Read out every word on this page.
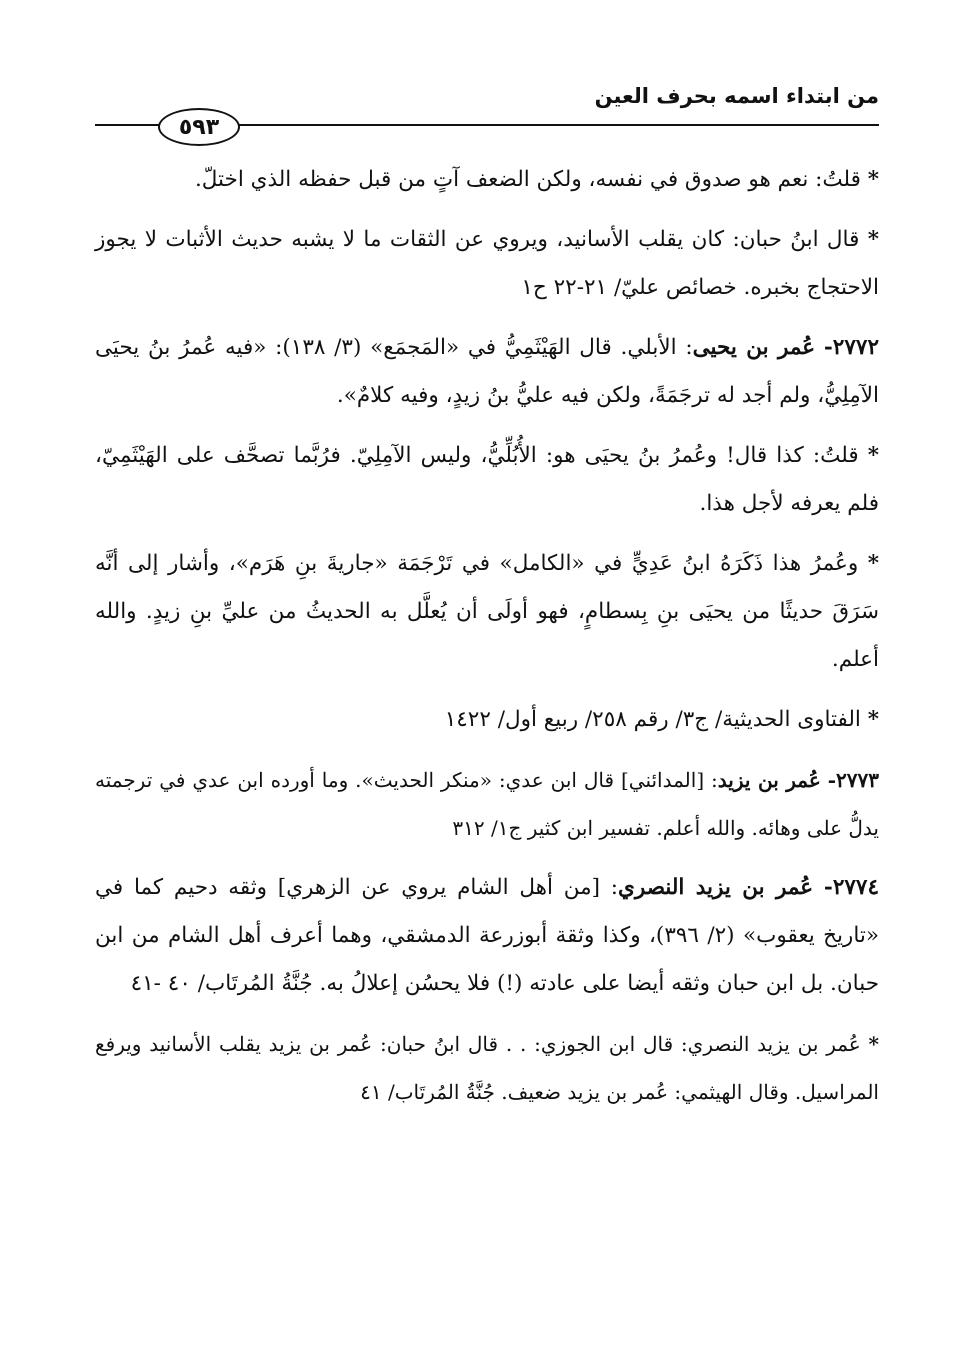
من ابتداء اسمه بحرف العين
٥٩٣

* قلتُ: نعم هو صدوق في نفسه، ولكن الضعف آتٍ من قبل حفظه الذي اختلّ.

* قال ابنُ حبان: كان يقلب الأسانيد، ويروي عن الثقات ما لا يشبه حديث الأثبات لا يجوز الاحتجاج بخبره. خصائص عليّ/ ٢١-٢٢ ح١

٢٧٧٢- عُمر بن يحيى: الأبلي. قال الهَيْثَمِيُّ في «المَجمَع» (٣/ ١٣٨): «فيه عُمرُ بنُ يحيَى الآمِلِيُّ، ولم أجد له ترجَمَةً، ولكن فيه عليُّ بنُ زيدٍ، وفيه كلامٌ».

* قلتُ: كذا قال! وعُمرُ بنُ يحيَى هو: الأُبُلِّيُّ، وليس الآمِلِيّ. فرُبَّما تصحَّف على الهَيْثَمِيّ، فلم يعرفه لأجل هذا.

* وعُمرُ هذا ذَكَرَهُ ابنُ عَدِيٍّ في «الكامل» في تَرْجَمَة «جاريةَ بنِ هَرَم»، وأشار إلى أنَّه سَرَقَ حديثًا من يحيَى بنِ بِسطامٍ، فهو أولَى أن يُعلَّل به الحديثُ من عليِّ بنِ زيدٍ. والله أعلم.

* الفتاوى الحديثية/ ج٣/ رقم ٢٥٨/ ربيع أول/ ١٤٢٢

٢٧٧٣- عُمر بن يزيد: [المدائني] قال ابن عدي: «منكر الحديث». وما أورده ابن عدي في ترجمته يدلُّ على وهائه. والله أعلم. تفسير ابن كثير ج١/ ٣١٢

٢٧٧٤- عُمر بن يزيد النصري: [من أهل الشام يروي عن الزهري] وثقه دحيم كما في «تاريخ يعقوب» (٢/ ٣٩٦)، وكذا وثقة أبوزرعة الدمشقي، وهما أعرف أهل الشام من ابن حبان. بل ابن حبان وثقه أيضا على عادته (!) فلا يحسُن إعلالُ به. جُنَّةُ المُرتَاب/ ٤٠ -٤١

* عُمر بن يزيد النصري: قال ابن الجوزي: . . قال ابنُ حبان: عُمر بن يزيد يقلب الأسانيد ويرفع المراسيل. وقال الهيثمي: عُمر بن يزيد ضعيف. جُنَّةُ المُرتَاب/ ٤١
